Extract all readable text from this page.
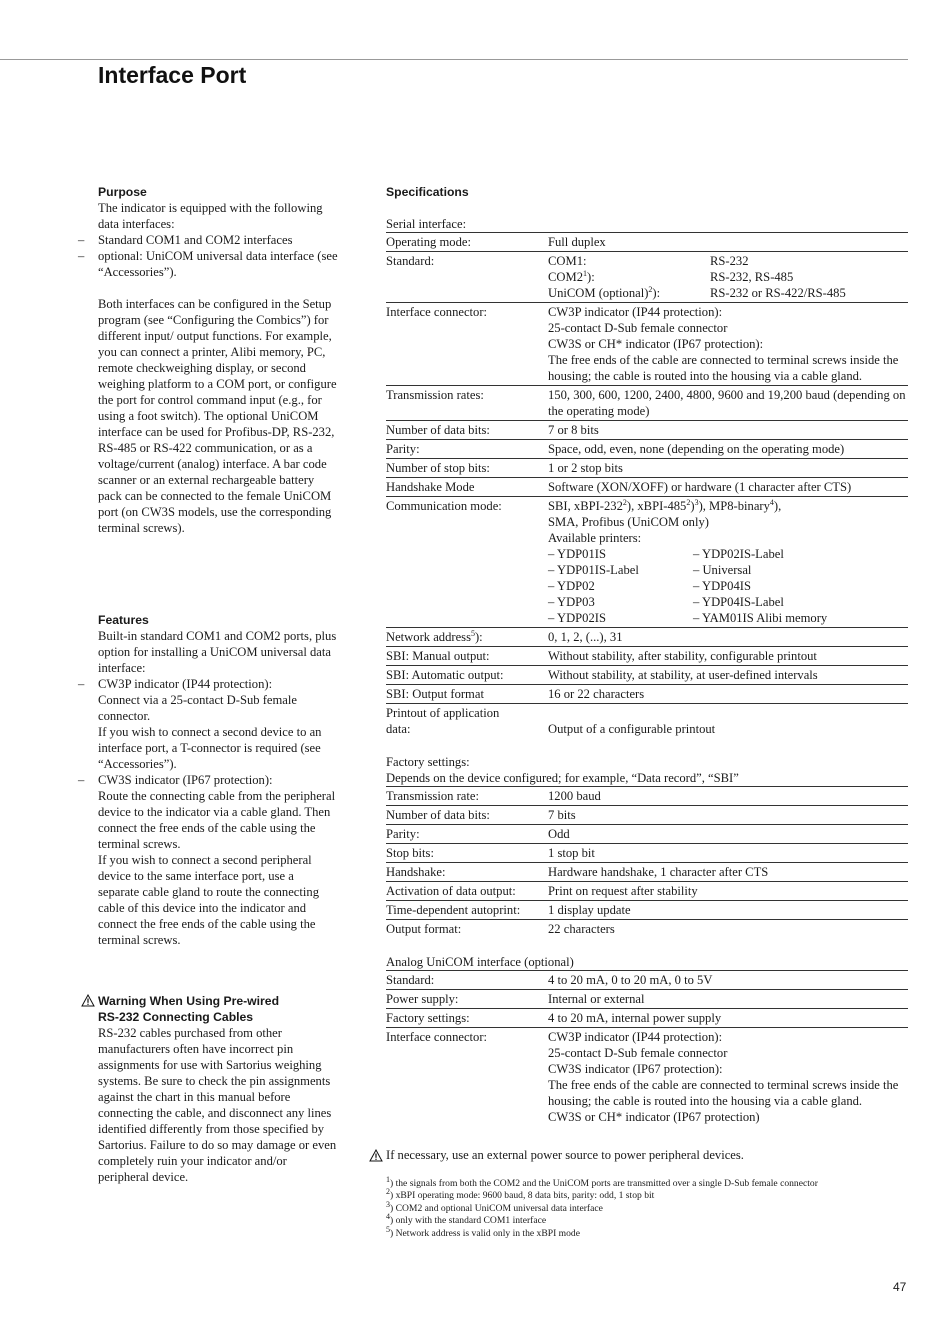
Interface Port
Purpose
The indicator is equipped with the following data interfaces:
– Standard COM1 and COM2 interfaces
– optional: UniCOM universal data interface (see “Accessories”).
Both interfaces can be configured in the Setup program (see “Configuring the Combics”) for different input/ output functions. For example, you can connect a printer, Alibi memory, PC, remote checkweighing display, or second weighing platform to a COM port, or configure the port for control command input (e.g., for using a foot switch). The optional UniCOM interface can be used for Profibus-DP, RS-232, RS-485 or RS-422 communication, or as a voltage/current (analog) interface. A bar code scanner or an external rechargeable battery pack can be connected to the female UniCOM port (on CW3S models, use the corresponding terminal screws).
Features
Built-in standard COM1 and COM2 ports, plus option for installing a UniCOM universal data interface:
– CW3P indicator (IP44 protection):
Connect via a 25-contact D-Sub female connector.
If you wish to connect a second device to an interface port, a T-connector is required (see “Accessories”).
– CW3S indicator (IP67 protection):
Route the connecting cable from the peripheral device to the indicator via a cable gland. Then connect the free ends of the cable using the terminal screws.
If you wish to connect a second peripheral device to the same interface port, use a separate cable gland to route the connecting cable of this device into the indicator and connect the free ends of the cable using the terminal screws.
Warning When Using Pre-wired
RS-232 Connecting Cables
RS-232 cables purchased from other manufacturers often have incorrect pin assignments for use with Sartorius weighing systems. Be sure to check the pin assignments against the chart in this manual before connecting the cable, and disconnect any lines identified differently from those specified by Sartorius. Failure to do so may damage or even completely ruin your indicator and/or peripheral device.
Specifications
Serial interface:
Operating mode:	Full duplex
Standard:	COM1:	RS-232
$COM2^1$):	RS-232, RS-485
UniCOM (optional)$^2$):	RS-232 or RS-422/RS-485
Interface connector:	CW3P indicator (IP44 protection):
25-contact D-Sub female connector
CW3S or CH* indicator (IP67 protection):
The free ends of the cable are connected to terminal screws inside the housing; the cable is routed into the housing via a cable gland.
Transmission rates:	150, 300, 600, 1200, 2400, 4800, 9600 and 19,200 baud (depending on the operating mode)
Number of data bits:	7 or 8 bits
Parity:	Space, odd, even, none (depending on the operating mode)
Number of stop bits:	1 or 2 stop bits
Handshake Mode	Software (XON/XOFF) or hardware (1 character after CTS)
Communication mode:	SBI, xBPI-$232^2$), xBPI-$485^2)^3$), MP8-binary$^4$),
SMA, Profibus (UniCOM only)
Available printers:
– YDP01IS	– YDP02IS-Label
– YDP01IS-Label	– Universal
– YDP02	– YDP04IS
– YDP03	– YDP04IS-Label
– YDP02IS	– YAM01IS Alibi memory
Network address$^5$):	0, 1, 2, (...), 31
SBI: Manual output:	Without stability, after stability, configurable printout
SBI: Automatic output:	Without stability, at stability, at user-defined intervals
SBI: Output format	16 or 22 characters
Printout of application
data:	Output of a configurable printout
Factory settings:
Depends on the device configured; for example, “Data record”, “SBI”
Transmission rate:	1200 baud
Number of data bits:	7 bits
Parity:	Odd
Stop bits:	1 stop bit
Handshake:	Hardware handshake, 1 character after CTS
Activation of data output:	Print on request after stability
Time-dependent autoprint:	1 display update
Output format:	22 characters
Analog UniCOM interface (optional)
Standard:	4 to 20 mA, 0 to 20 mA, 0 to 5V
Power supply:	Internal or external
Factory settings:	4 to 20 mA, internal power supply
Interface connector:	CW3P indicator (IP44 protection):
25-contact D-Sub female connector
CW3S indicator (IP67 protection):
The free ends of the cable are connected to terminal screws inside the housing; the cable is routed into the housing via a cable gland.
CW3S or CH* indicator (IP67 protection)
If necessary, use an external power source to power peripheral devices.
$^1$) the signals from both the COM2 and the UniCOM ports are transmitted over a single D-Sub female connector
$^2$) xBPI operating mode: 9600 baud, 8 data bits, parity: odd, 1 stop bit
$^3$) COM2 and optional UniCOM universal data interface
$^4$) only with the standard COM1 interface
$^5$) Network address is valid only in the xBPI mode
47
